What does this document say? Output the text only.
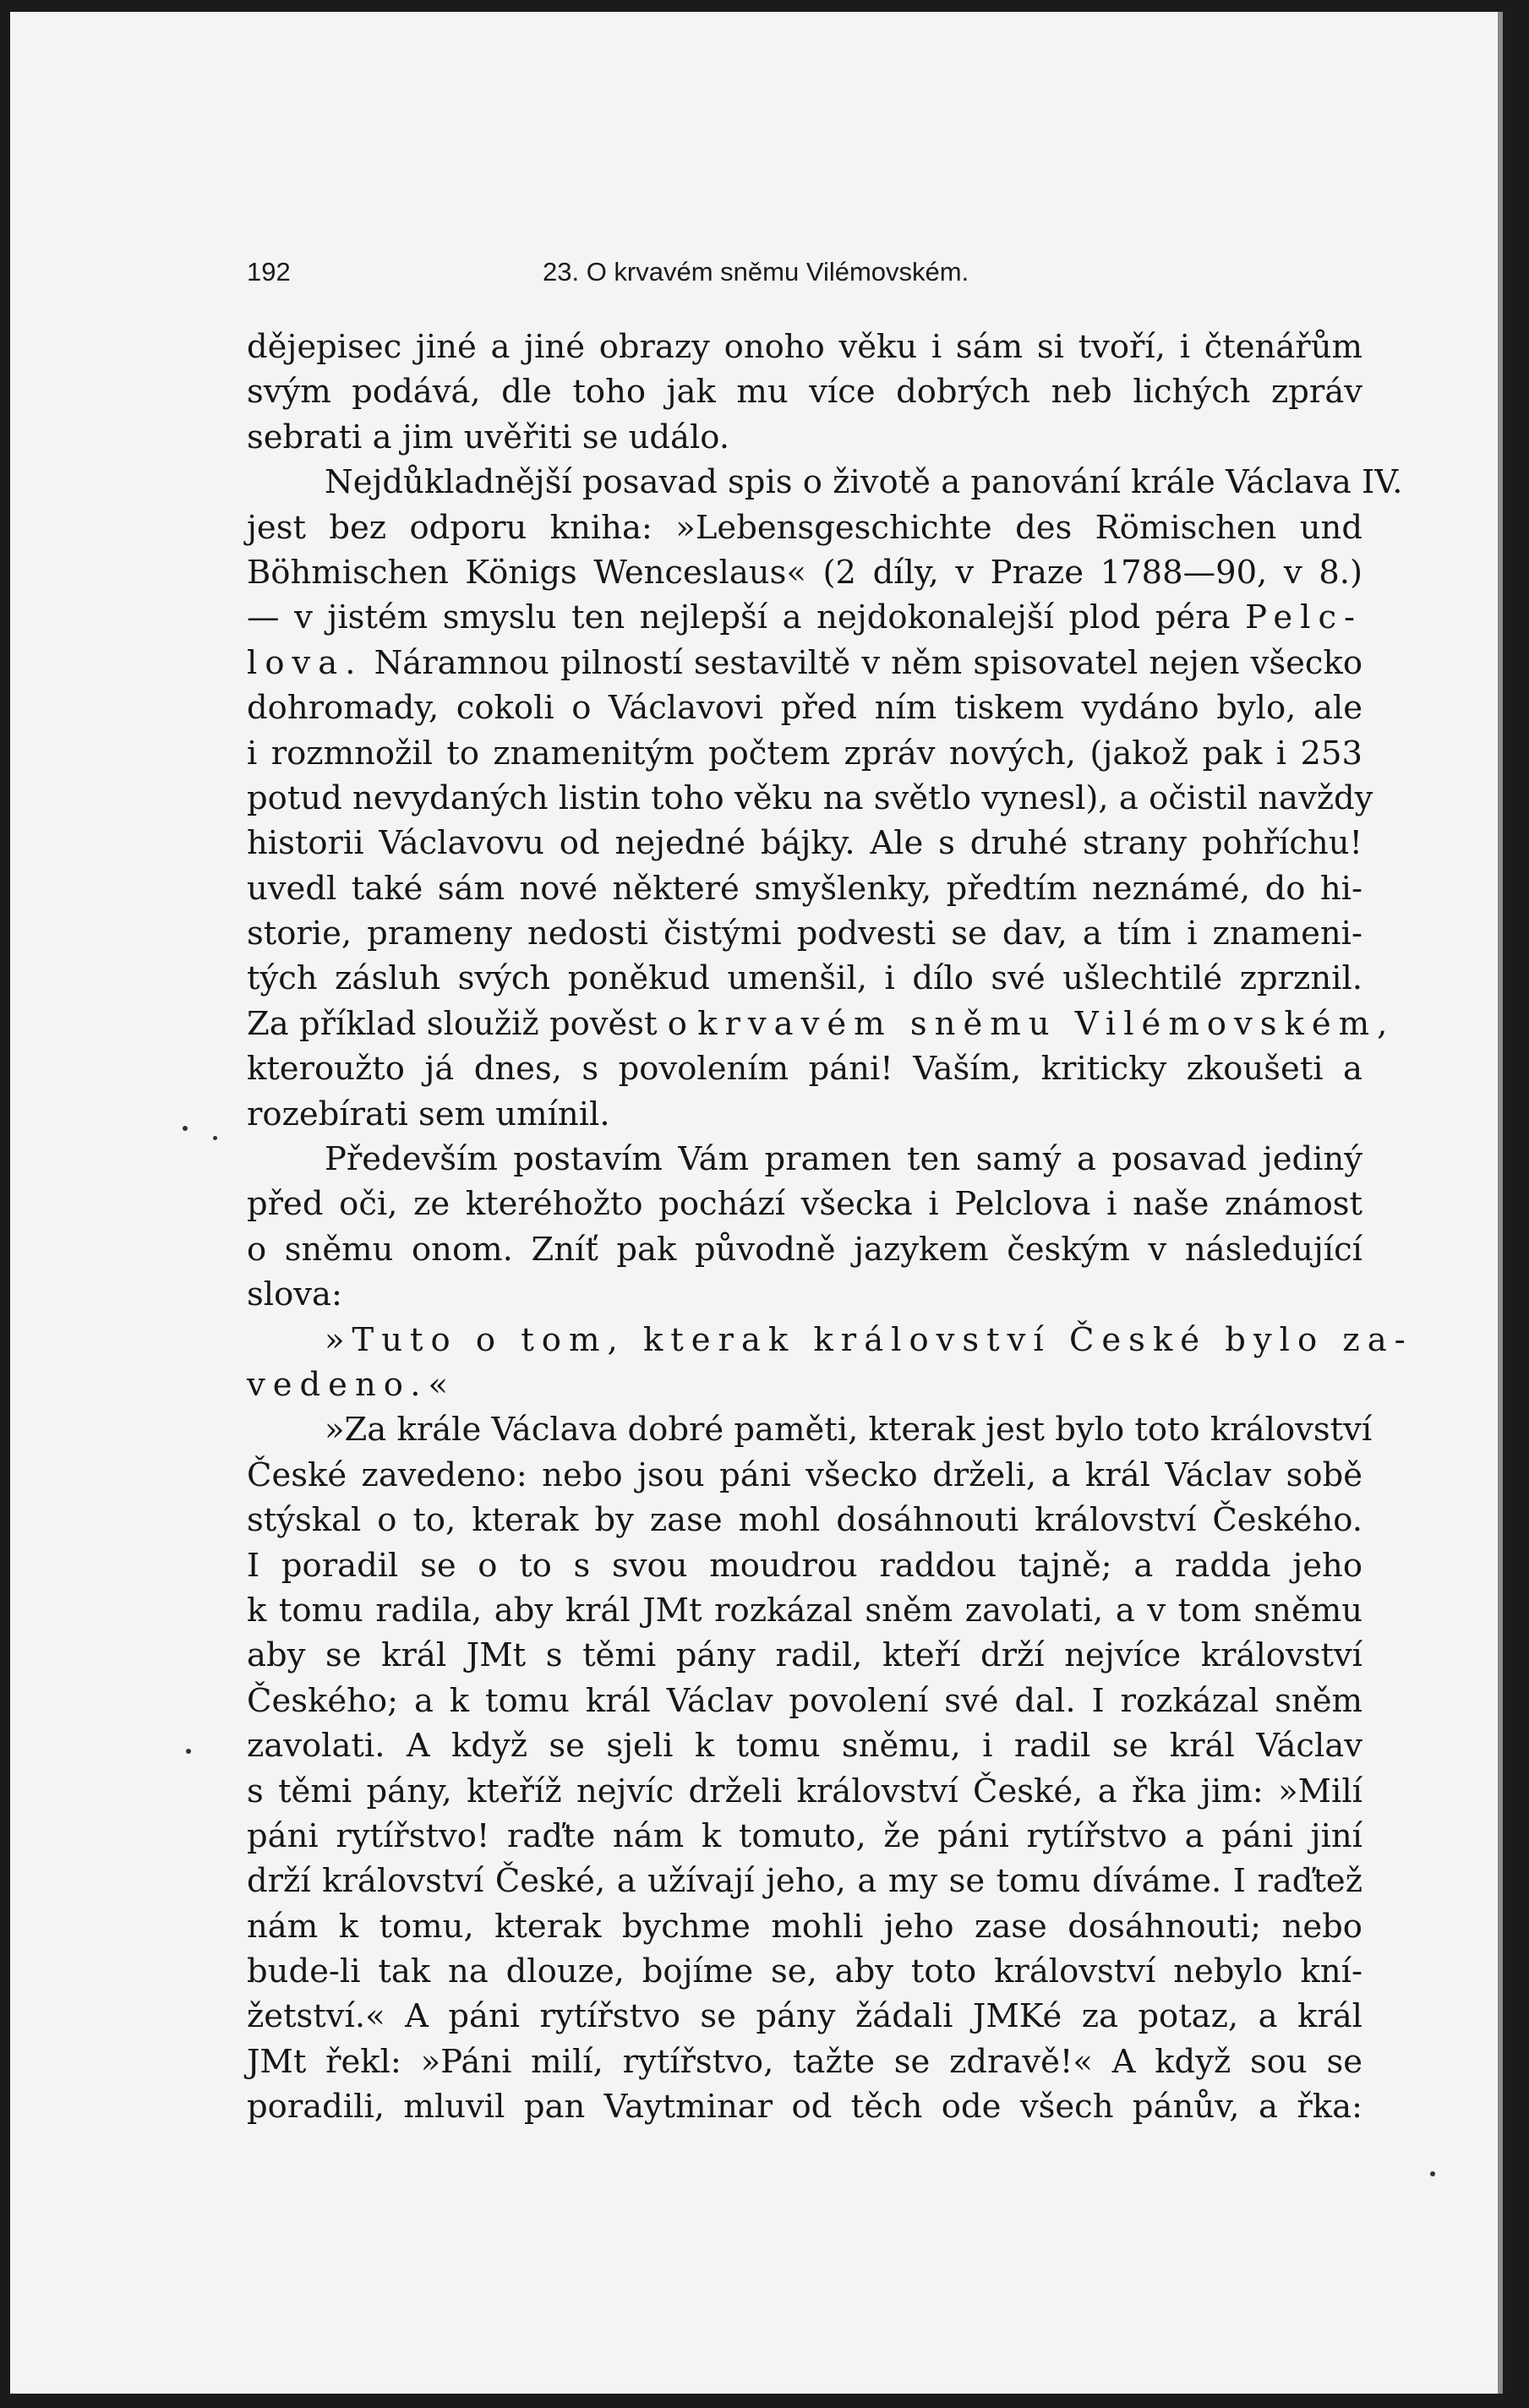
192	23. O krvavém sněmu Vilémovském.
dějepisec jiné a jiné obrazy onoho věku i sám si tvoří, i čtenářům
svým podává, dle toho jak mu více dobrých neb lichých zpráv
sebrati a jim uvěřiti se událo.
Nejdůkladnější posavad spis o životě a panování krále Václava IV.
jest bez odporu kniha: »Lebensgeschichte des Römischen und
Böhmischen Königs Wenceslaus« (2 díly, v Praze 1788—90, v 8.)
— v jistém smyslu ten nejlepší a nejdokonalejší plod péra Pelc-
lova. Náramnou pilností sestaviltě v něm spisovatel nejen všecko
dohromady, cokoli o Václavovi před ním tiskem vydáno bylo, ale
i rozmnožil to znamenitým počtem zpráv nových, (jakož pak i 253
potud nevydaných listin toho věku na světlo vynesl), a očistil navždy
historii Václavovu od nejedné bájky. Ale s druhé strany pohříchu!
uvedl také sám nové některé smyšlenky, předtím neznámé, do hi-
storie, prameny nedosti čistými podvesti se dav, a tím i znameni-
tých zásluh svých poněkud umenšil, i dílo své ušlechtilé zprznil.
Za příklad sloužiž pověst o krvavém sněmu Vilémovském,
kteroužto já dnes, s povolením páni! Vaším, kriticky zkoušeti a
rozebírati sem umínil.
Především postavím Vám pramen ten samý a posavad jediný
před oči, ze kteréhožto pochází všecka i Pelclova i naše známost
o sněmu onom. Zníť pak původně jazykem českým v následující
slova:
»Tuto o tom, kterak království České bylo za-
vedeno.«
»Za krále Václava dobré paměti, kterak jest bylo toto království
České zavedeno: nebo jsou páni všecko drželi, a král Václav sobě
stýskal o to, kterak by zase mohl dosáhnouti království Českého.
I poradil se o to s svou moudrou raddou tajně; a radda jeho
k tomu radila, aby král JMt rozkázal sněm zavolati, a v tom sněmu
aby se král JMt s těmi pány radil, kteří drží nejvíce království
Českého; a k tomu král Václav povolení své dal. I rozkázal sněm
zavolati. A když se sjeli k tomu sněmu, i radil se král Václav
s těmi pány, kteříž nejvíc drželi království České, a řka jim: »Milí
páni rytířstvo! raďte nám k tomuto, že páni rytířstvo a páni jiní
drží království České, a užívají jeho, a my se tomu díváme. I raďtež
nám k tomu, kterak bychme mohli jeho zase dosáhnouti; nebo
bude-li tak na dlouze, bojíme se, aby toto království nebylo kní-
žetství.« A páni rytířstvo se pány žádali JMKé za potaz, a král
JMt řekl: »Páni milí, rytířstvo, tažte se zdravě!« A když sou se
poradili, mluvil pan Vaytminar od těch ode všech pánův, a řka:
